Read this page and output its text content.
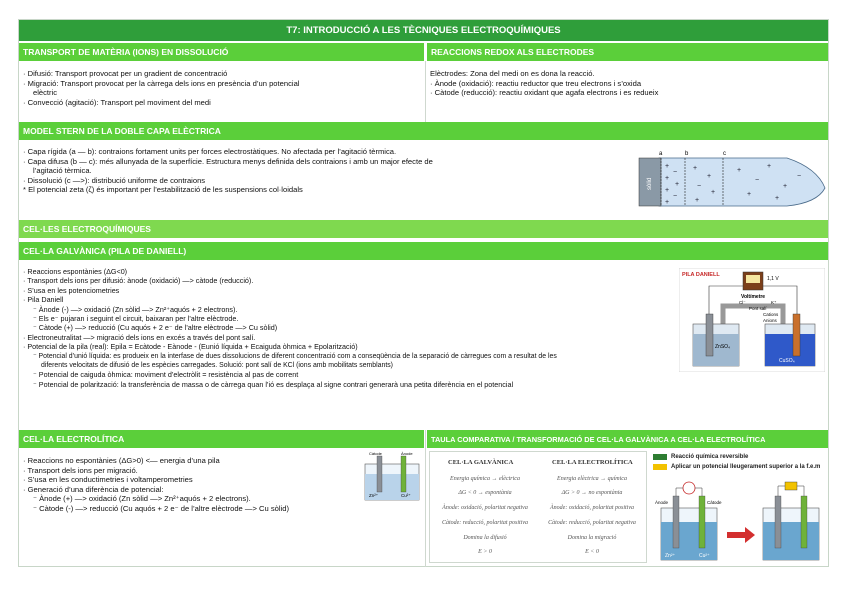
T7: INTRODUCCIÓ A LES TÈCNIQUES ELECTROQUÍMIQUES
TRANSPORT DE MATÈRIA (IONS) EN DISSOLUCIÓ
· Difusió: Transport provocat per un gradient de concentració
· Migració: Transport provocat per la càrrega dels ions en presència d’un potencial
elèctric
· Convecció (agitació): Transport pel moviment del medi
REACCIONS REDOX ALS ELECTRODES
Elèctrodes: Zona del medi on es dona la reacció.
· Ànode (oxidació): reactiu reductor que treu electrons i s’oxida
· Càtode (reducció): reactiu oxidant que agafa electrons i es redueix
MODEL STERN DE LA DOBLE CAPA ELÈCTRICA
· Capa rígida (a — b): contraions fortament units per forces electrostàtiques. No afectada per l’agitació tèrmica.
· Capa difusa (b — c): més allunyada de la superfície. Estructura menys definida dels contraions i amb un major efecte de
l’agitació tèrmica.
· Dissolució (c —>): distribució uniforme de contraions
* El potencial zeta (ζ) és important per l’estabilització de les suspensions col·loidals
a	b	c
sòlid
+
−
+
+
+
−
+
+
+
−
+
+
+
−
+
+
+
−
+
CEL·LES ELECTROQUÍMIQUES
CEL·LA GALVÀNICA (PILA DE DANIELL)
· Reaccions espontànies (ΔG<0)
· Transport dels ions per difusió: ànode (oxidació) —> càtode (reducció).
· S’usa en les potenciometries
· Pila Daniell
⁻ Ànode (-) —> oxidació (Zn sòlid —> Zn²⁺aquós + 2 electrons).
⁻ Els e⁻ pujaran i seguint el circuit, baixaran per l’altre elèctrode.
⁻ Càtode (+) —> reducció (Cu aquós + 2 e⁻ de l’altre elèctrode —> Cu sòlid)
· Electroneutralitat —> migració dels ions en excés a través del pont salí.
· Potencial de la pila (real): Epila = Ecàtode - Eànode - (Eunió líquida + Ecaiguda òhmica + Epolarització)
⁻ Potencial d’unió líquida: es produeix en la interfase de dues dissolucions de diferent concentració com a conseqüència de la separació de càrregues com a resultat de les
diferents velocitats de difusió de les espècies carregades. Solució: pont salí de KCl (ions amb mobilitats semblants)
⁻ Potencial de caiguda òhmica: moviment d’electròlit = resistència al pas de corrent
⁻ Potencial de polarització: la transferència de massa o de càrrega quan l’ió es desplaça al signe contrari generarà una petita diferència en el potencial
PILA DANIELL
1,1 V
Voltímetre
Cl⁻
Pont salí
K⁺
Cations
Anions
ZnSO₄
CuSO₄
CEL·LA ELECTROLÍTICA
· Reaccions no espontànies (ΔG>0) <— energia d’una pila
· Transport dels ions per migració.
· S’usa en les conductimetries i voltamperometries
· Generació d’una diferència de potencial:
⁻ Ànode (+) —> oxidació (Zn sòlid —> Zn²⁺aquós + 2 electrons).
⁻ Càtode (-) —> reducció (Cu aquós + 2 e⁻ de l’altre elèctrode —> Cu sòlid)
Càtode	Ànode
Zn²⁺	Cu²⁺
TAULA COMPARATIVA / TRANSFORMACIÓ DE CEL·LA GALVÀNICA A CEL·LA ELECTROLÍTICA
CEL·LA GALVÀNICA	CEL·LA ELECTROLÍTICA
Energia química → elèctrica	Energia elèctrica → química
ΔG < 0 → espontània	ΔG > 0 → no espontània
Ànode: oxidació, polaritat negativa	Ànode: oxidació, polaritat positiva
Càtode: reducció, polaritat positiva	Càtode: reducció, polaritat negativa
Domina la difusió	Domina la migració
E > 0	E < 0
Reacció química reversible
Aplicar un potencial lleugerament superior a la f.e.m
Ànode	Càtode
Zn²⁺	Cu²⁺
